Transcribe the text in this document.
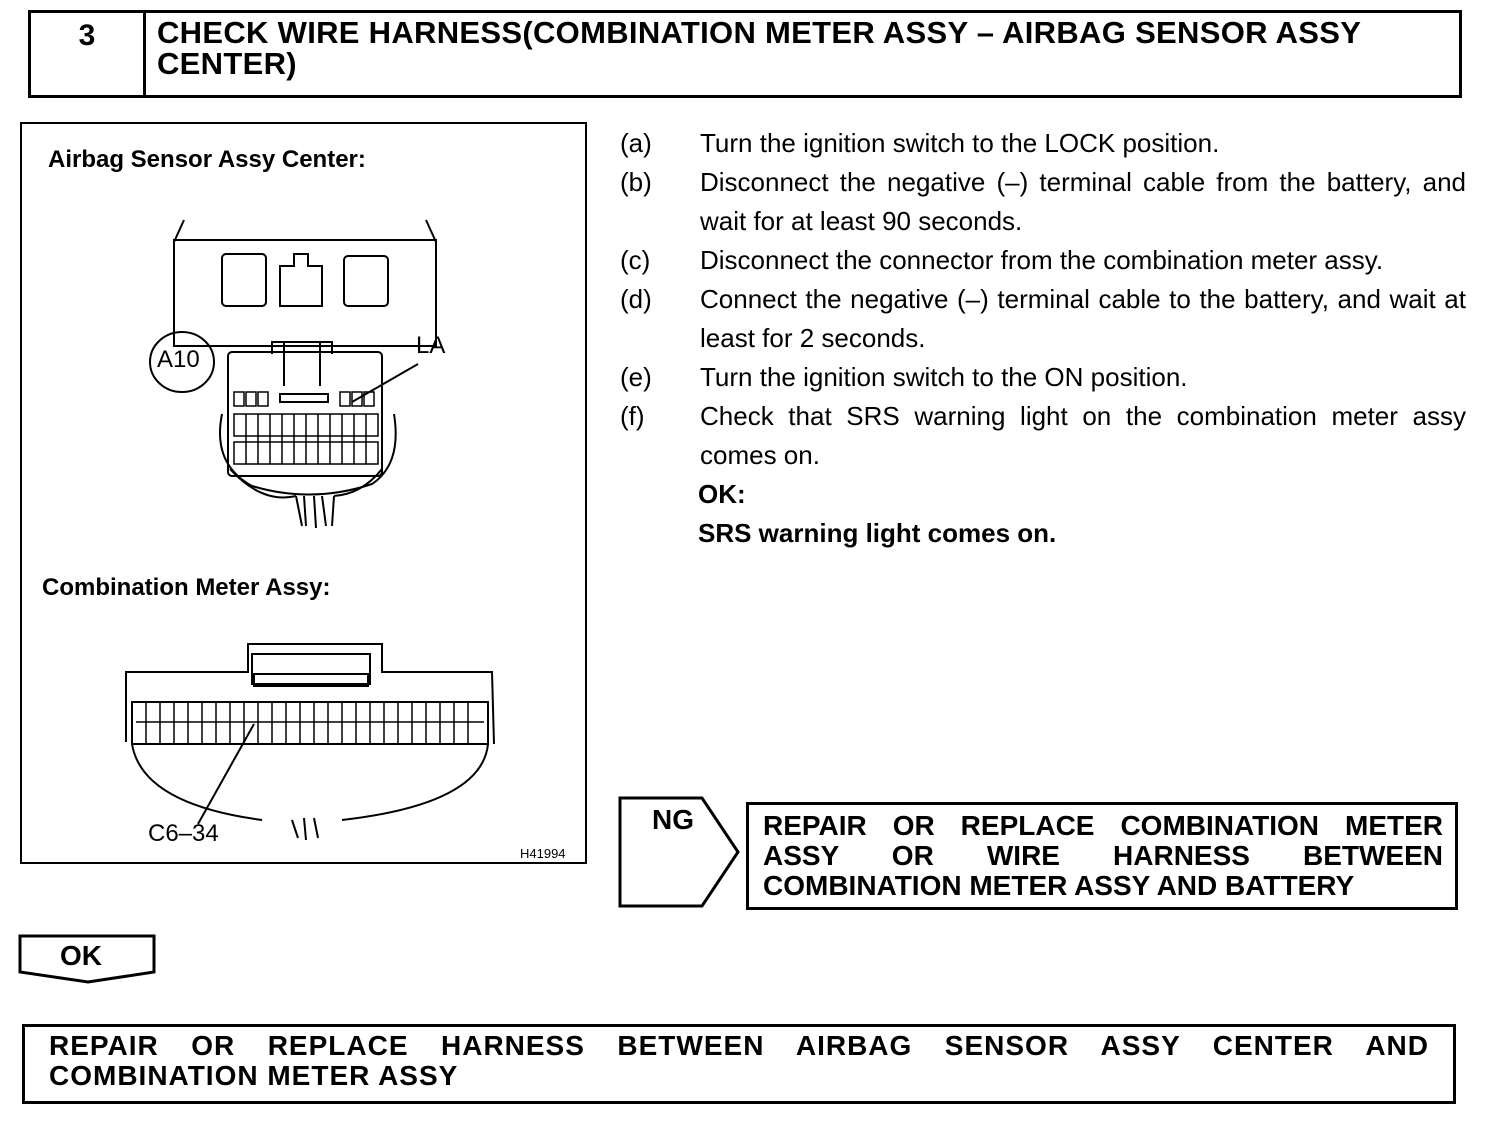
3	CHECK WIRE HARNESS(COMBINATION METER ASSY – AIRBAG SENSOR ASSY CENTER)
Airbag Sensor Assy Center:
A10
LA
Combination Meter Assy:
C6–34
H41994
(a)	Turn the ignition switch to the LOCK position.
(b)	Disconnect the negative (–) terminal cable from the battery, and wait for at least 90 seconds.
(c)	Disconnect the connector from the combination meter assy.
(d)	Connect the negative (–) terminal cable to the battery, and wait at least for 2 seconds.
(e)	Turn the ignition switch to the ON position.
(f)	Check that SRS warning light on the combination meter assy comes on.
OK:
SRS warning light comes on.
NG	REPAIR OR REPLACE COMBINATION METER ASSY OR WIRE HARNESS BETWEEN COMBINATION METER ASSY AND BATTERY
OK
REPAIR OR REPLACE HARNESS BETWEEN AIRBAG SENSOR ASSY CENTER AND COMBINATION METER ASSY
